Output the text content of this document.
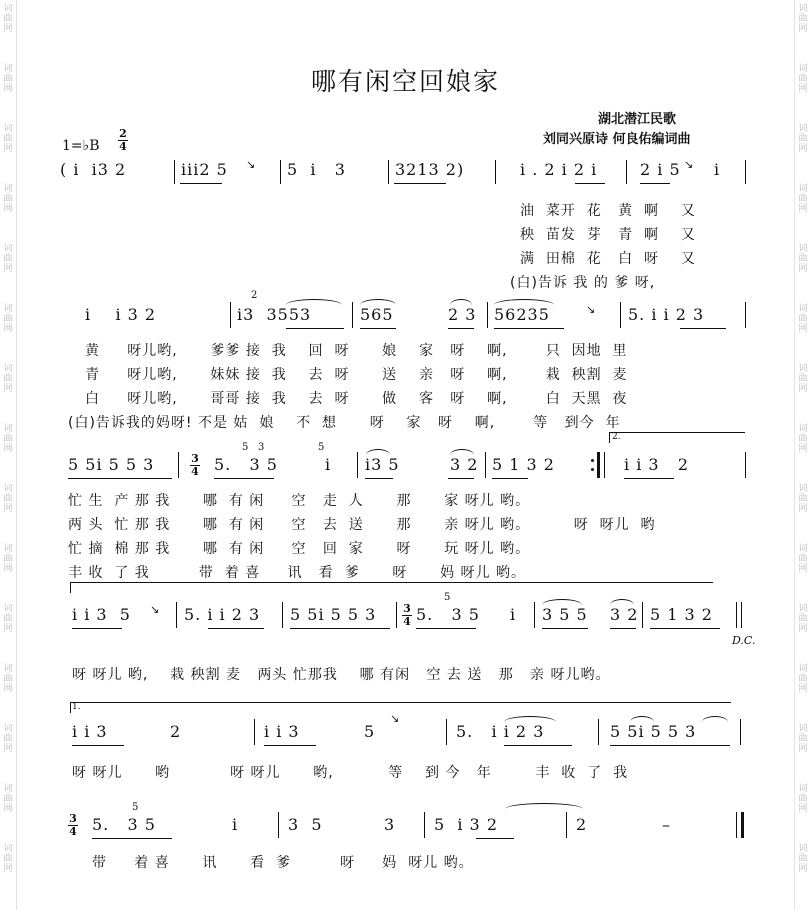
词
曲
网
词
曲
网
词
曲
网
词
曲
网
词
曲
网
词
曲
网
词
曲
网
词
曲
网
词
曲
网
词
曲
网
词
曲
网
词
曲
网
词
曲
网
词
曲
网
词
曲
网
词
曲
网
词
曲
网
词
曲
网
词
曲
网
词
曲
网
词
曲
网
词
曲
网
词
曲
网
词
曲
网
词
曲
网
词
曲
网
词
曲
网
词
曲
网
词
曲
网
词
曲
网
哪有闲空回娘家
湖北潜江民歌
刘同兴原诗 何良佑编词曲
1=♭B
2
4
( i  i3 2	iii2 5 ↘ 5  i   3	3213 2)	i . 2 i 2 i	2 i 5 ↘ i
油  菜开  花   黄  啊    又
秧  苗发  芽   青  啊    又
满  田棉  花   白  呀    又
(白)告诉 我 的 爹 呀,
i    i 3 2
2
i3  3553	565	2 3 56235	↘ 5. i i 2 3
黄     呀儿哟,      爹爹 接  我    回  呀      娘    家   呀    啊,       只  因地  里
青     呀儿哟,      妹妹 接  我    去  呀      送    亲   呀    啊,       栽  秧割  麦
白     呀儿哟,      哥哥 接  我    去  呀      做    客   呀    啊,       白  天黑  夜
(白)告诉我的妈呀! 不是 姑  娘    不  想      呀    家   呀    啊,       等   到今  年
2.
5 5i 5 5 3	3
4
5 3
5.   3 5
5
i i3 5	3 2 5 1 3 2	i i 3   2
忙 生  产 那 我      哪  有 闲     空   走  人      那      家 呀儿 哟。
两 头  忙 那 我      哪  有 闲     空   去  送      那      亲 呀儿 哟。        呀  呀儿  哟
忙 摘  棉 那 我      哪  有 闲     空   回  家      呀      玩 呀儿 哟。
丰 收  了 我         带  着 喜     讯   看  爹      呀      妈 呀儿 哟。
i i 3  5 ↘ 5. i i 2 3 5 5i 5 5 3 3
4
5
5.   3 5 i 3 5 5 3 2 5 1 3 2
D.C.
呀 呀儿 哟,    栽 秧割 麦   两头 忙那我    哪 有闲   空 去 送   那   亲 呀儿哟。
1.
i i 3	2	i i 3	5
↘
5.   i i 2 3	5 5i 5 5 3
呀 呀儿      哟           呀 呀儿      哟,          等    到 今   年        丰  收  了  我
3
4
5
5.   3 5	i	3  5	3 5  i 3 2	2	–
带     着 喜      讯      看  爹         呀     妈  呀儿 哟。
